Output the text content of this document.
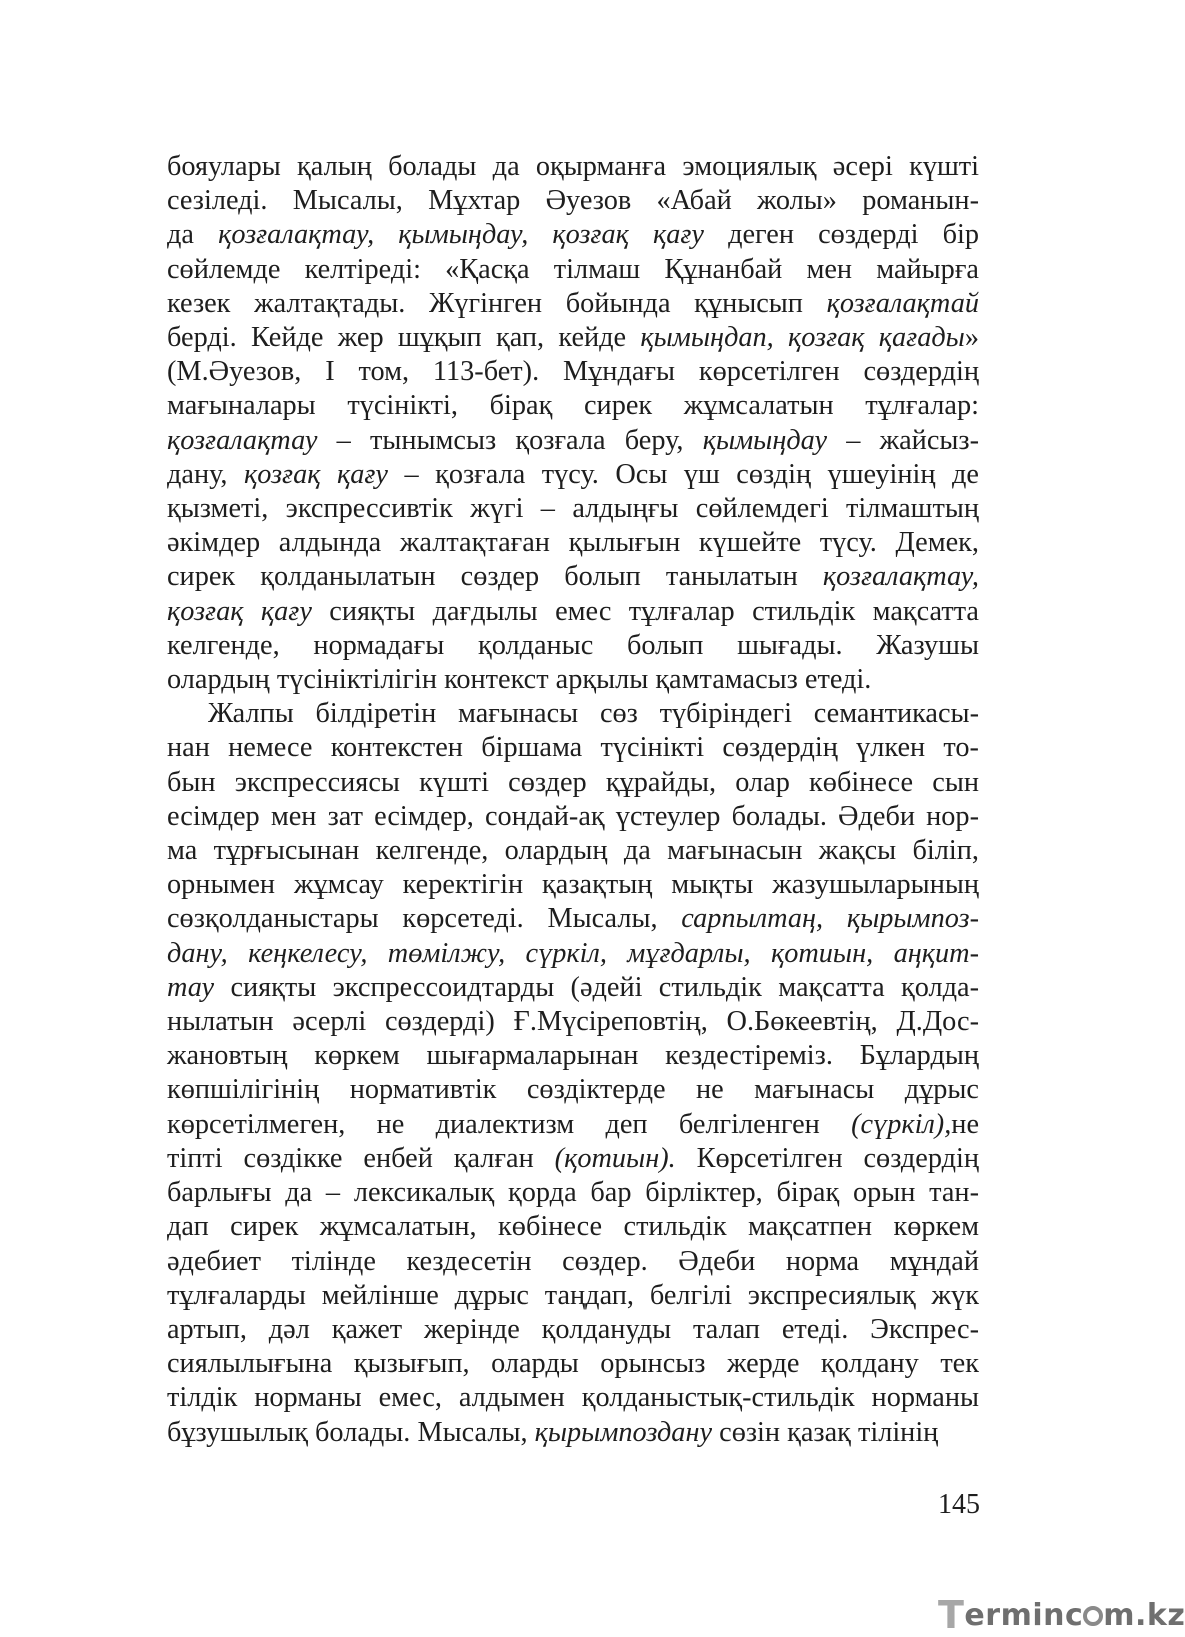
бояулары қалың болады да оқырманға эмоциялық әсері күшті
сезіледі. Мысалы, Мұхтар Әуезов «Абай жолы» романын-
да қозғалақтау, қымыңдау, қозғақ қағу деген сөздерді бір
сөйлемде келтіреді: «Қасқа тілмаш Құнанбай мен майырға
кезек жалтақтады. Жүгінген бойында құнысып қозғалақтай
берді. Кейде жер шұқып қап, кейде қымыңдап, қозғақ қағады»
(М.Әуезов, І том, 113-бет). Мұндағы көрсетілген сөздердің
мағыналары түсінікті, бірақ сирек жұмсалатын тұлғалар:
қозғалақтау – тынымсыз қозғала беру, қымыңдау – жайсыз-
дану, қозғақ қағу – қозғала түсу. Осы үш сөздің үшеуінің де
қызметі, экспрессивтік жүгі – алдыңғы сөйлемдегі тілмаштың
әкімдер алдында жалтақтаған қылығын күшейте түсу. Демек,
сирек қолданылатын сөздер болып танылатын қозғалақтау,
қозғақ қағу сияқты дағдылы емес тұлғалар стильдік мақсатта
келгенде, нормадағы қолданыс болып шығады. Жазушы
олардың түсініктілігін контекст арқылы қамтамасыз етеді.
Жалпы білдіретін мағынасы сөз түбіріндегі семантикасы-
нан немесе контекстен біршама түсінікті сөздердің үлкен то-
бын экспрессиясы күшті сөздер құрайды, олар көбінесе сын
есімдер мен зат есімдер, сондай-ақ үстеулер болады. Әдеби нор-
ма тұрғысынан келгенде, олардың да мағынасын жақсы біліп,
орнымен жұмсау керектігін қазақтың мықты жазушыларының
сөзқолданыстары көрсетеді. Мысалы, сарпылтаң, қырымпоз-
дану, кеңкелесу, төмілжу, сүркіл, мұғдарлы, қотиын, аңқит-
тау сияқты экспрессоидтарды (әдейі стильдік мақсатта қолда-
нылатын әсерлі сөздерді) Ғ.Мүсіреповтің, О.Бөкеевтің, Д.Дос-
жановтың көркем шығармаларынан кездестіреміз. Бұлардың
көпшілігінің нормативтік сөздіктерде не мағынасы дұрыс
көрсетілмеген, не диалектизм деп белгіленген (сүркіл),не
тіпті сөздікке енбей қалған (қотиын). Көрсетілген сөздердің
барлығы да – лексикалық қорда бар бірліктер, бірақ орын тан-
дап сирек жұмсалатын, көбінесе стильдік мақсатпен көркем
әдебиет тілінде кездесетін сөздер. Әдеби норма мұндай
тұлғаларды мейлінше дұрыс таңдап, белгілі экспресиялық жүк
артып, дәл қажет жерінде қолдануды талап етеді. Экспрес-
сиялылығына қызығып, оларды орынсыз жерде қолдану тек
тілдік норманы емес, алдымен қолданыстық-стильдік норманы
бұзушылық болады. Мысалы, қырымпоздану сөзін қазақ тілінің
145
Terminc m.kz
